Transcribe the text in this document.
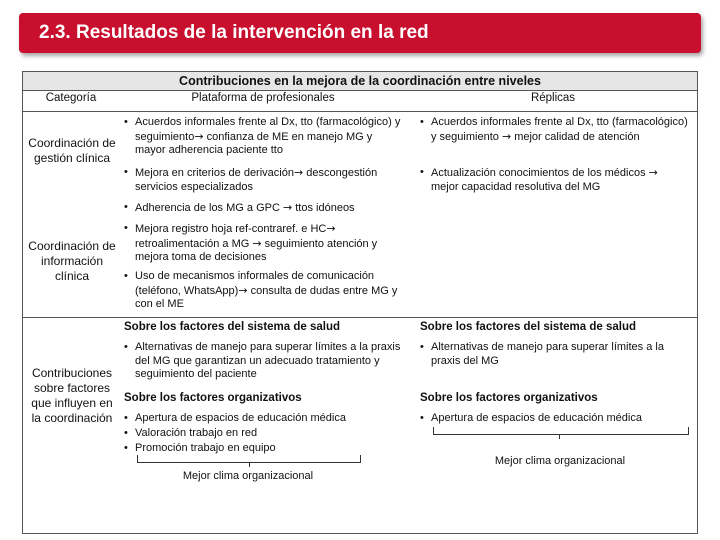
2.3. Resultados de la intervención en la red
Contribuciones en la mejora de la coordinación entre niveles
Categoría	Plataforma de profesionales	Réplicas
Coordinación de gestión clínica
• Acuerdos informales frente al Dx, tto (farmacológico) y seguimiento→ confianza de ME en manejo MG y mayor adherencia paciente tto
• Mejora en criterios de derivación→ descongestión servicios especializados
• Acuerdos informales frente al Dx, tto (farmacológico) y seguimiento → mejor calidad de atención
• Actualización conocimientos de los médicos → mejor capacidad resolutiva del MG
Coordinación de información clínica
• Adherencia de los MG a GPC → ttos idóneos
• Mejora registro hoja ref-contraref. e HC→ retroalimentación a MG → seguimiento atención y mejora toma de decisiones
• Uso de mecanismos informales de comunicación (teléfono, WhatsApp)→ consulta de dudas entre MG y con el ME
Contribuciones sobre factores que influyen en la coordinación
Sobre los factores del sistema de salud
• Alternativas de manejo para superar límites a la praxis del MG que garantizan un adecuado tratamiento y seguimiento del paciente
Sobre los factores organizativos
• Apertura de espacios de educación médica
• Valoración trabajo en red
• Promoción trabajo en equipo
Mejor clima organizacional
Sobre los factores del sistema de salud
• Alternativas de manejo para superar límites a la praxis del MG
Sobre los factores organizativos
• Apertura de espacios de educación médica
Mejor clima organizacional
